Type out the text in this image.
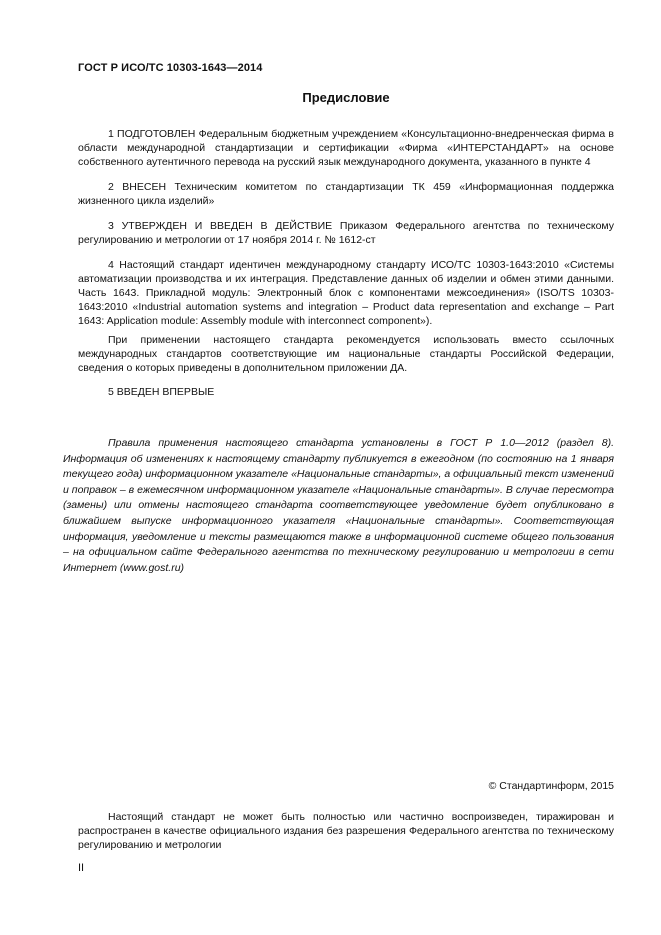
ГОСТ Р ИСО/ТС 10303-1643—2014
Предисловие

1 ПОДГОТОВЛЕН Федеральным бюджетным учреждением «Консультационно-внедренческая фирма в области международной стандартизации и сертификации «Фирма «ИНТЕРСТАНДАРТ» на основе собственного аутентичного перевода на русский язык международного документа, указанного в пункте 4

2 ВНЕСЕН Техническим комитетом по стандартизации ТК 459 «Информационная поддержка жизненного цикла изделий»

3 УТВЕРЖДЕН И ВВЕДЕН В ДЕЙСТВИЕ Приказом Федерального агентства по техническому регулированию и метрологии от 17 ноября 2014 г. № 1612-ст

4 Настоящий стандарт идентичен международному стандарту ИСО/ТС 10303-1643:2010 «Системы автоматизации производства и их интеграция. Представление данных об изделии и обмен этими данными. Часть 1643. Прикладной модуль: Электронный блок с компонентами межсоединения» (ISO/TS 10303-1643:2010 «Industrial automation systems and integration – Product data representation and exchange – Part 1643: Application module: Assembly module with interconnect component»).

При применении настоящего стандарта рекомендуется использовать вместо ссылочных международных стандартов соответствующие им национальные стандарты Российской Федерации, сведения о которых приведены в дополнительном приложении ДА.

5 ВВЕДЕН ВПЕРВЫЕ

Правила применения настоящего стандарта установлены в ГОСТ Р 1.0—2012 (раздел 8). Информация об изменениях к настоящему стандарту публикуется в ежегодном (по состоянию на 1 января текущего года) информационном указателе «Национальные стандарты», а официальный текст изменений и поправок – в ежемесячном информационном указателе «Национальные стандарты». В случае пересмотра (замены) или отмены настоящего стандарта соответствующее уведомление будет опубликовано в ближайшем выпуске информационного указателя «Национальные стандарты». Соответствующая информация, уведомление и тексты размещаются также в информационной системе общего пользования – на официальном сайте Федерального агентства по техническому регулированию и метрологии в сети Интернет (www.gost.ru)

© Стандартинформ, 2015

Настоящий стандарт не может быть полностью или частично воспроизведен, тиражирован и распространен в качестве официального издания без разрешения Федерального агентства по техническому регулированию и метрологии

II
